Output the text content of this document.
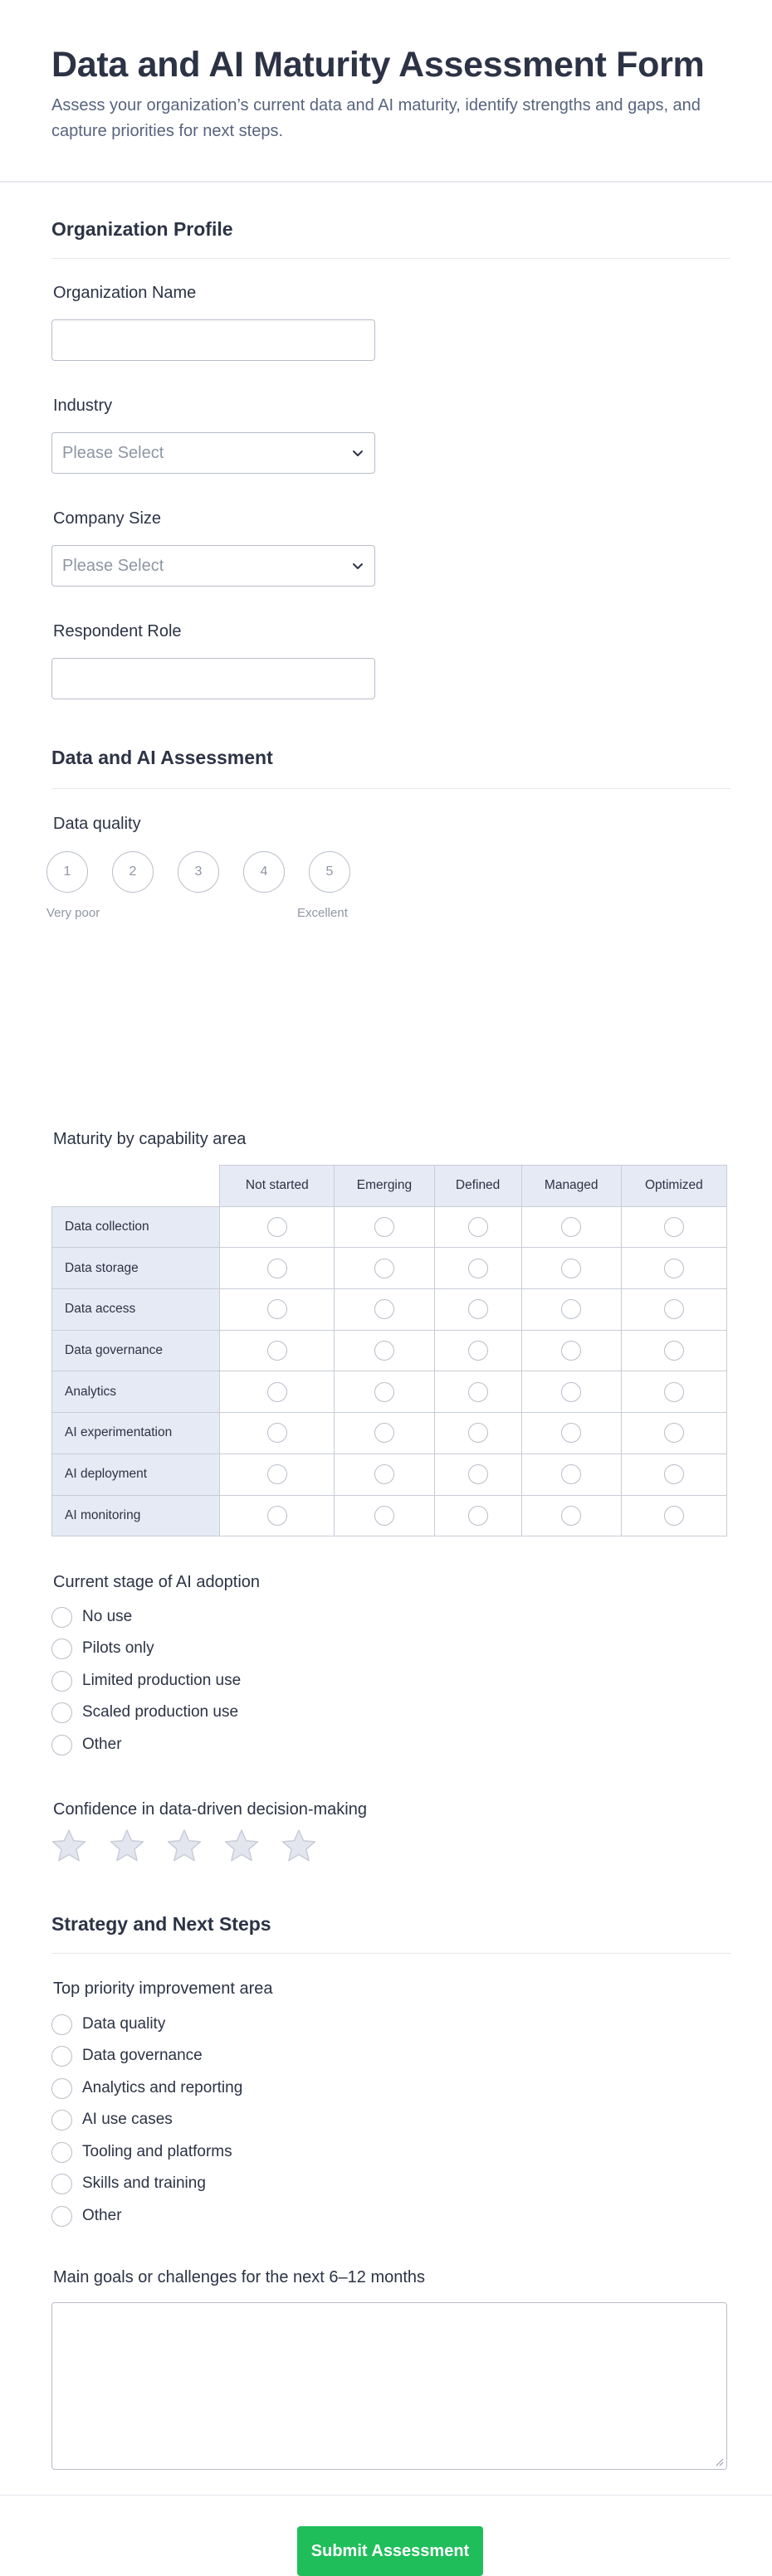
Data and AI Maturity Assessment Form
Assess your organization’s current data and AI maturity, identify strengths and gaps, and capture priorities for next steps.
Organization Profile
Organization Name
Industry
Please Select
Company Size
Please Select
Respondent Role
Data and AI Assessment
Data quality
1	2	3	4	5
Very poor	Excellent
Maturity by capability area
	Not started	Emerging	Defined	Managed	Optimized
Data collection					
Data storage					
Data access					
Data governance					
Analytics					
AI experimentation					
AI deployment					
AI monitoring					
Current stage of AI adoption
No use
Pilots only
Limited production use
Scaled production use
Other
Confidence in data-driven decision-making
Strategy and Next Steps
Top priority improvement area
Data quality
Data governance
Analytics and reporting
AI use cases
Tooling and platforms
Skills and training
Other
Main goals or challenges for the next 6–12 months
Submit Assessment
